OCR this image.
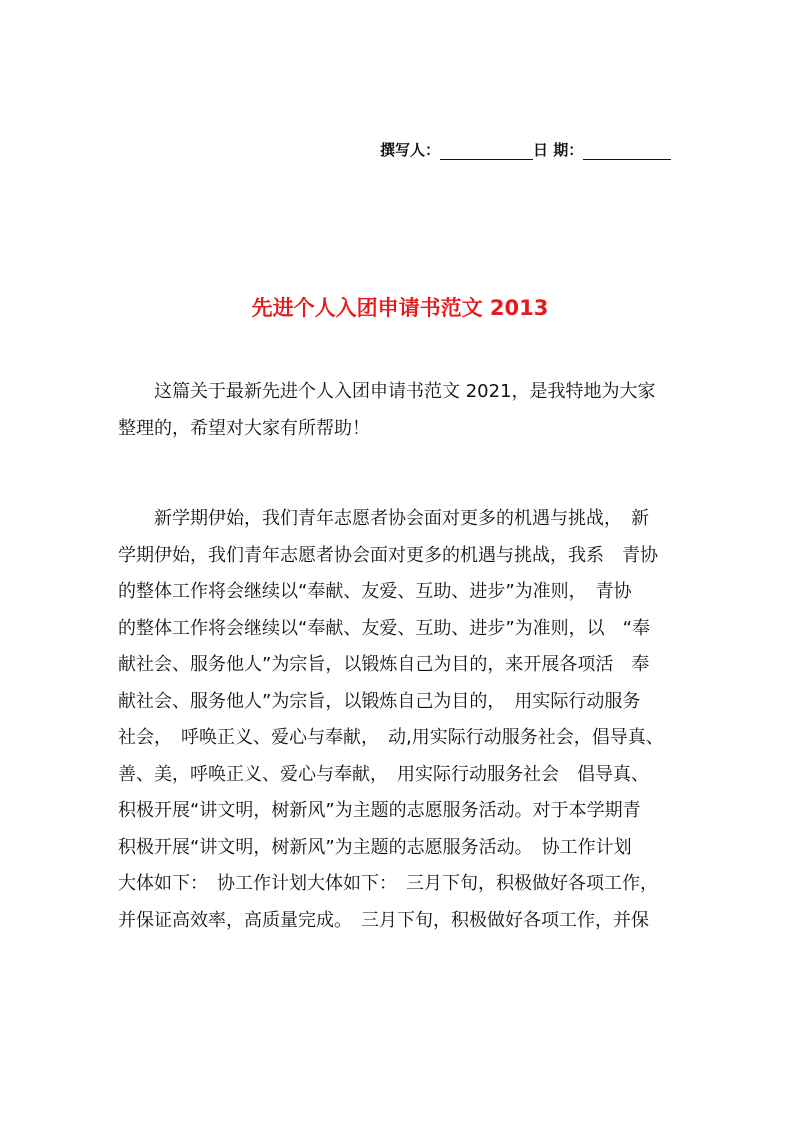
撰写人：	日 期：
先进个人入团申请书范文 2013
　　这篇关于最新先进个人入团申请书范文 2021，是我特地为大家
整理的，希望对大家有所帮助！
　　新学期伊始，我们青年志愿者协会面对更多的机遇与挑战，　新
学期伊始，我们青年志愿者协会面对更多的机遇与挑战，我系　青协
的整体工作将会继续以“奉献、友爱、互助、进步”为准则，　青协
的整体工作将会继续以“奉献、友爱、互助、进步”为准则，以　“奉
献社会、服务他人”为宗旨，以锻炼自己为目的，来开展各项活　奉
献社会、服务他人”为宗旨，以锻炼自己为目的，　用实际行动服务
社会，　呼唤正义、爱心与奉献，　动,用实际行动服务社会，倡导真、
善、美，呼唤正义、爱心与奉献，　用实际行动服务社会　倡导真、
积极开展“讲文明，树新风”为主题的志愿服务活动。对于本学期青
积极开展“讲文明，树新风”为主题的志愿服务活动。　协工作计划
大体如下：　协工作计划大体如下：　三月下旬，积极做好各项工作，
并保证高效率，高质量完成。　三月下旬，积极做好各项工作，并保
